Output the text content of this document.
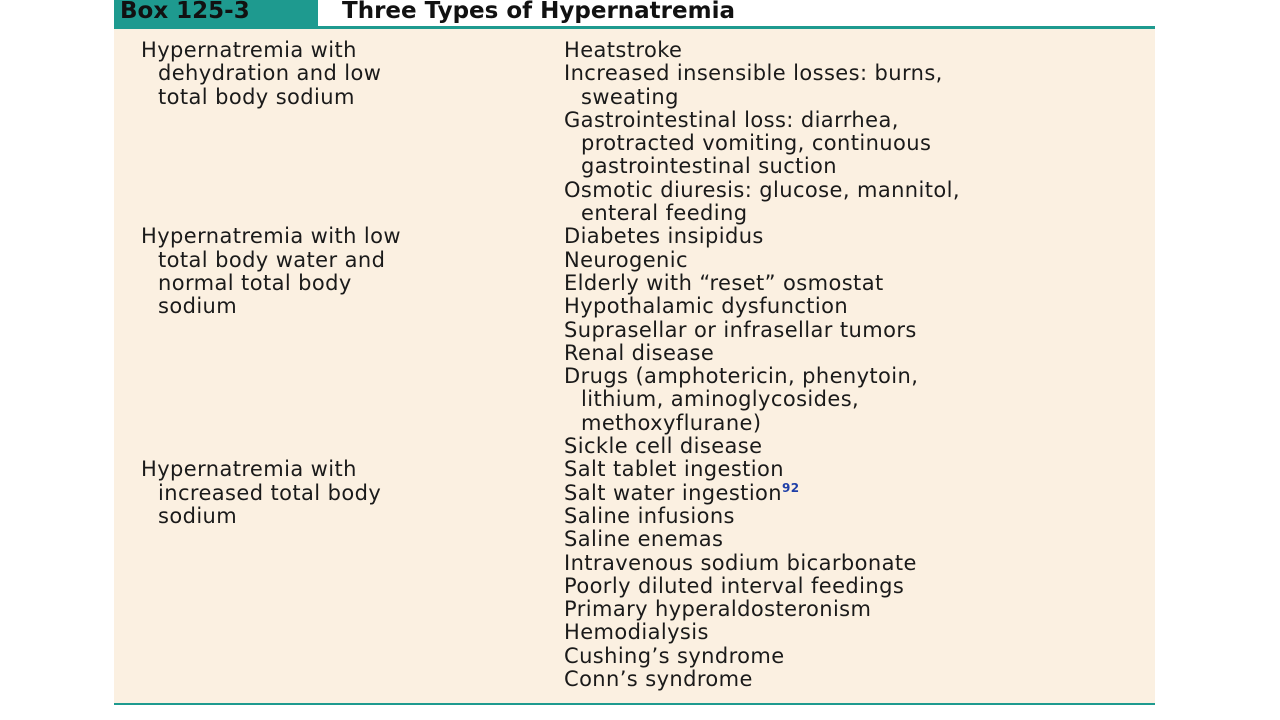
Box 125-3	Three Types of Hypernatremia
Hypernatremia with
dehydration and low
total body sodium
Heatstroke
Increased insensible losses: burns,
sweating
Gastrointestinal loss: diarrhea,
protracted vomiting, continuous
gastrointestinal suction
Osmotic diuresis: glucose, mannitol,
enteral feeding
Hypernatremia with low
total body water and
normal total body
sodium
Diabetes insipidus
Neurogenic
Elderly with “reset” osmostat
Hypothalamic dysfunction
Suprasellar or infrasellar tumors
Renal disease
Drugs (amphotericin, phenytoin,
lithium, aminoglycosides,
methoxyflurane)
Sickle cell disease
Hypernatremia with
increased total body
sodium
Salt tablet ingestion
Salt water ingestion$^{92}$
Saline infusions
Saline enemas
Intravenous sodium bicarbonate
Poorly diluted interval feedings
Primary hyperaldosteronism
Hemodialysis
Cushing’s syndrome
Conn’s syndrome
